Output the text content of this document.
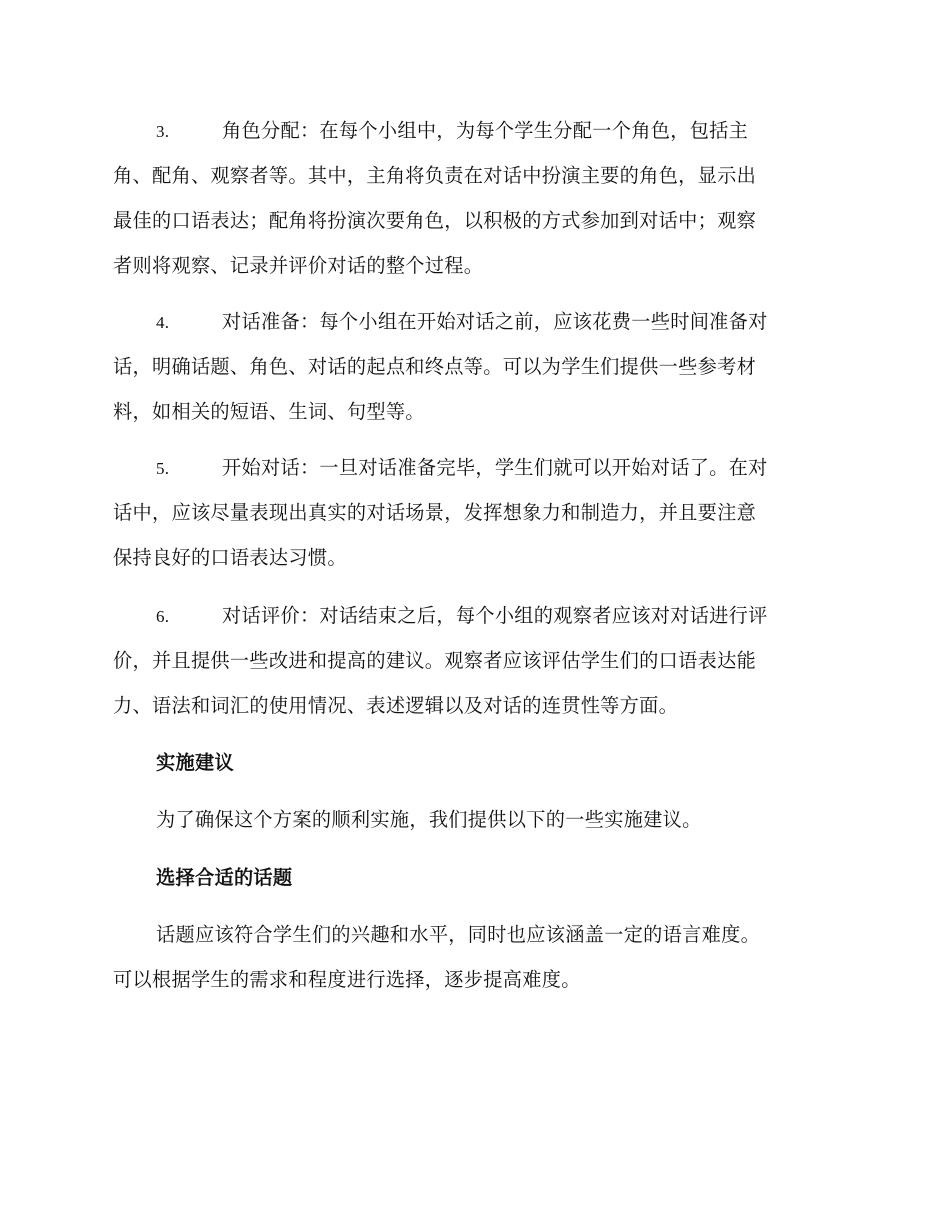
3.	角色分配：在每个小组中，为每个学生分配一个角色，包括主
角、配角、观察者等。其中，主角将负责在对话中扮演主要的角色，显示出
最佳的口语表达；配角将扮演次要角色，以积极的方式参加到对话中；观察
者则将观察、记录并评价对话的整个过程。
4.	对话准备：每个小组在开始对话之前，应该花费一些时间准备对
话，明确话题、角色、对话的起点和终点等。可以为学生们提供一些参考材
料，如相关的短语、生词、句型等。
5.	开始对话：一旦对话准备完毕，学生们就可以开始对话了。在对
话中，应该尽量表现出真实的对话场景，发挥想象力和制造力，并且要注意
保持良好的口语表达习惯。
6.	对话评价：对话结束之后，每个小组的观察者应该对对话进行评
价，并且提供一些改进和提高的建议。观察者应该评估学生们的口语表达能
力、语法和词汇的使用情况、表述逻辑以及对话的连贯性等方面。
实施建议
为了确保这个方案的顺利实施，我们提供以下的一些实施建议。
选择合适的话题
话题应该符合学生们的兴趣和水平，同时也应该涵盖一定的语言难度。
可以根据学生的需求和程度进行选择，逐步提高难度。
